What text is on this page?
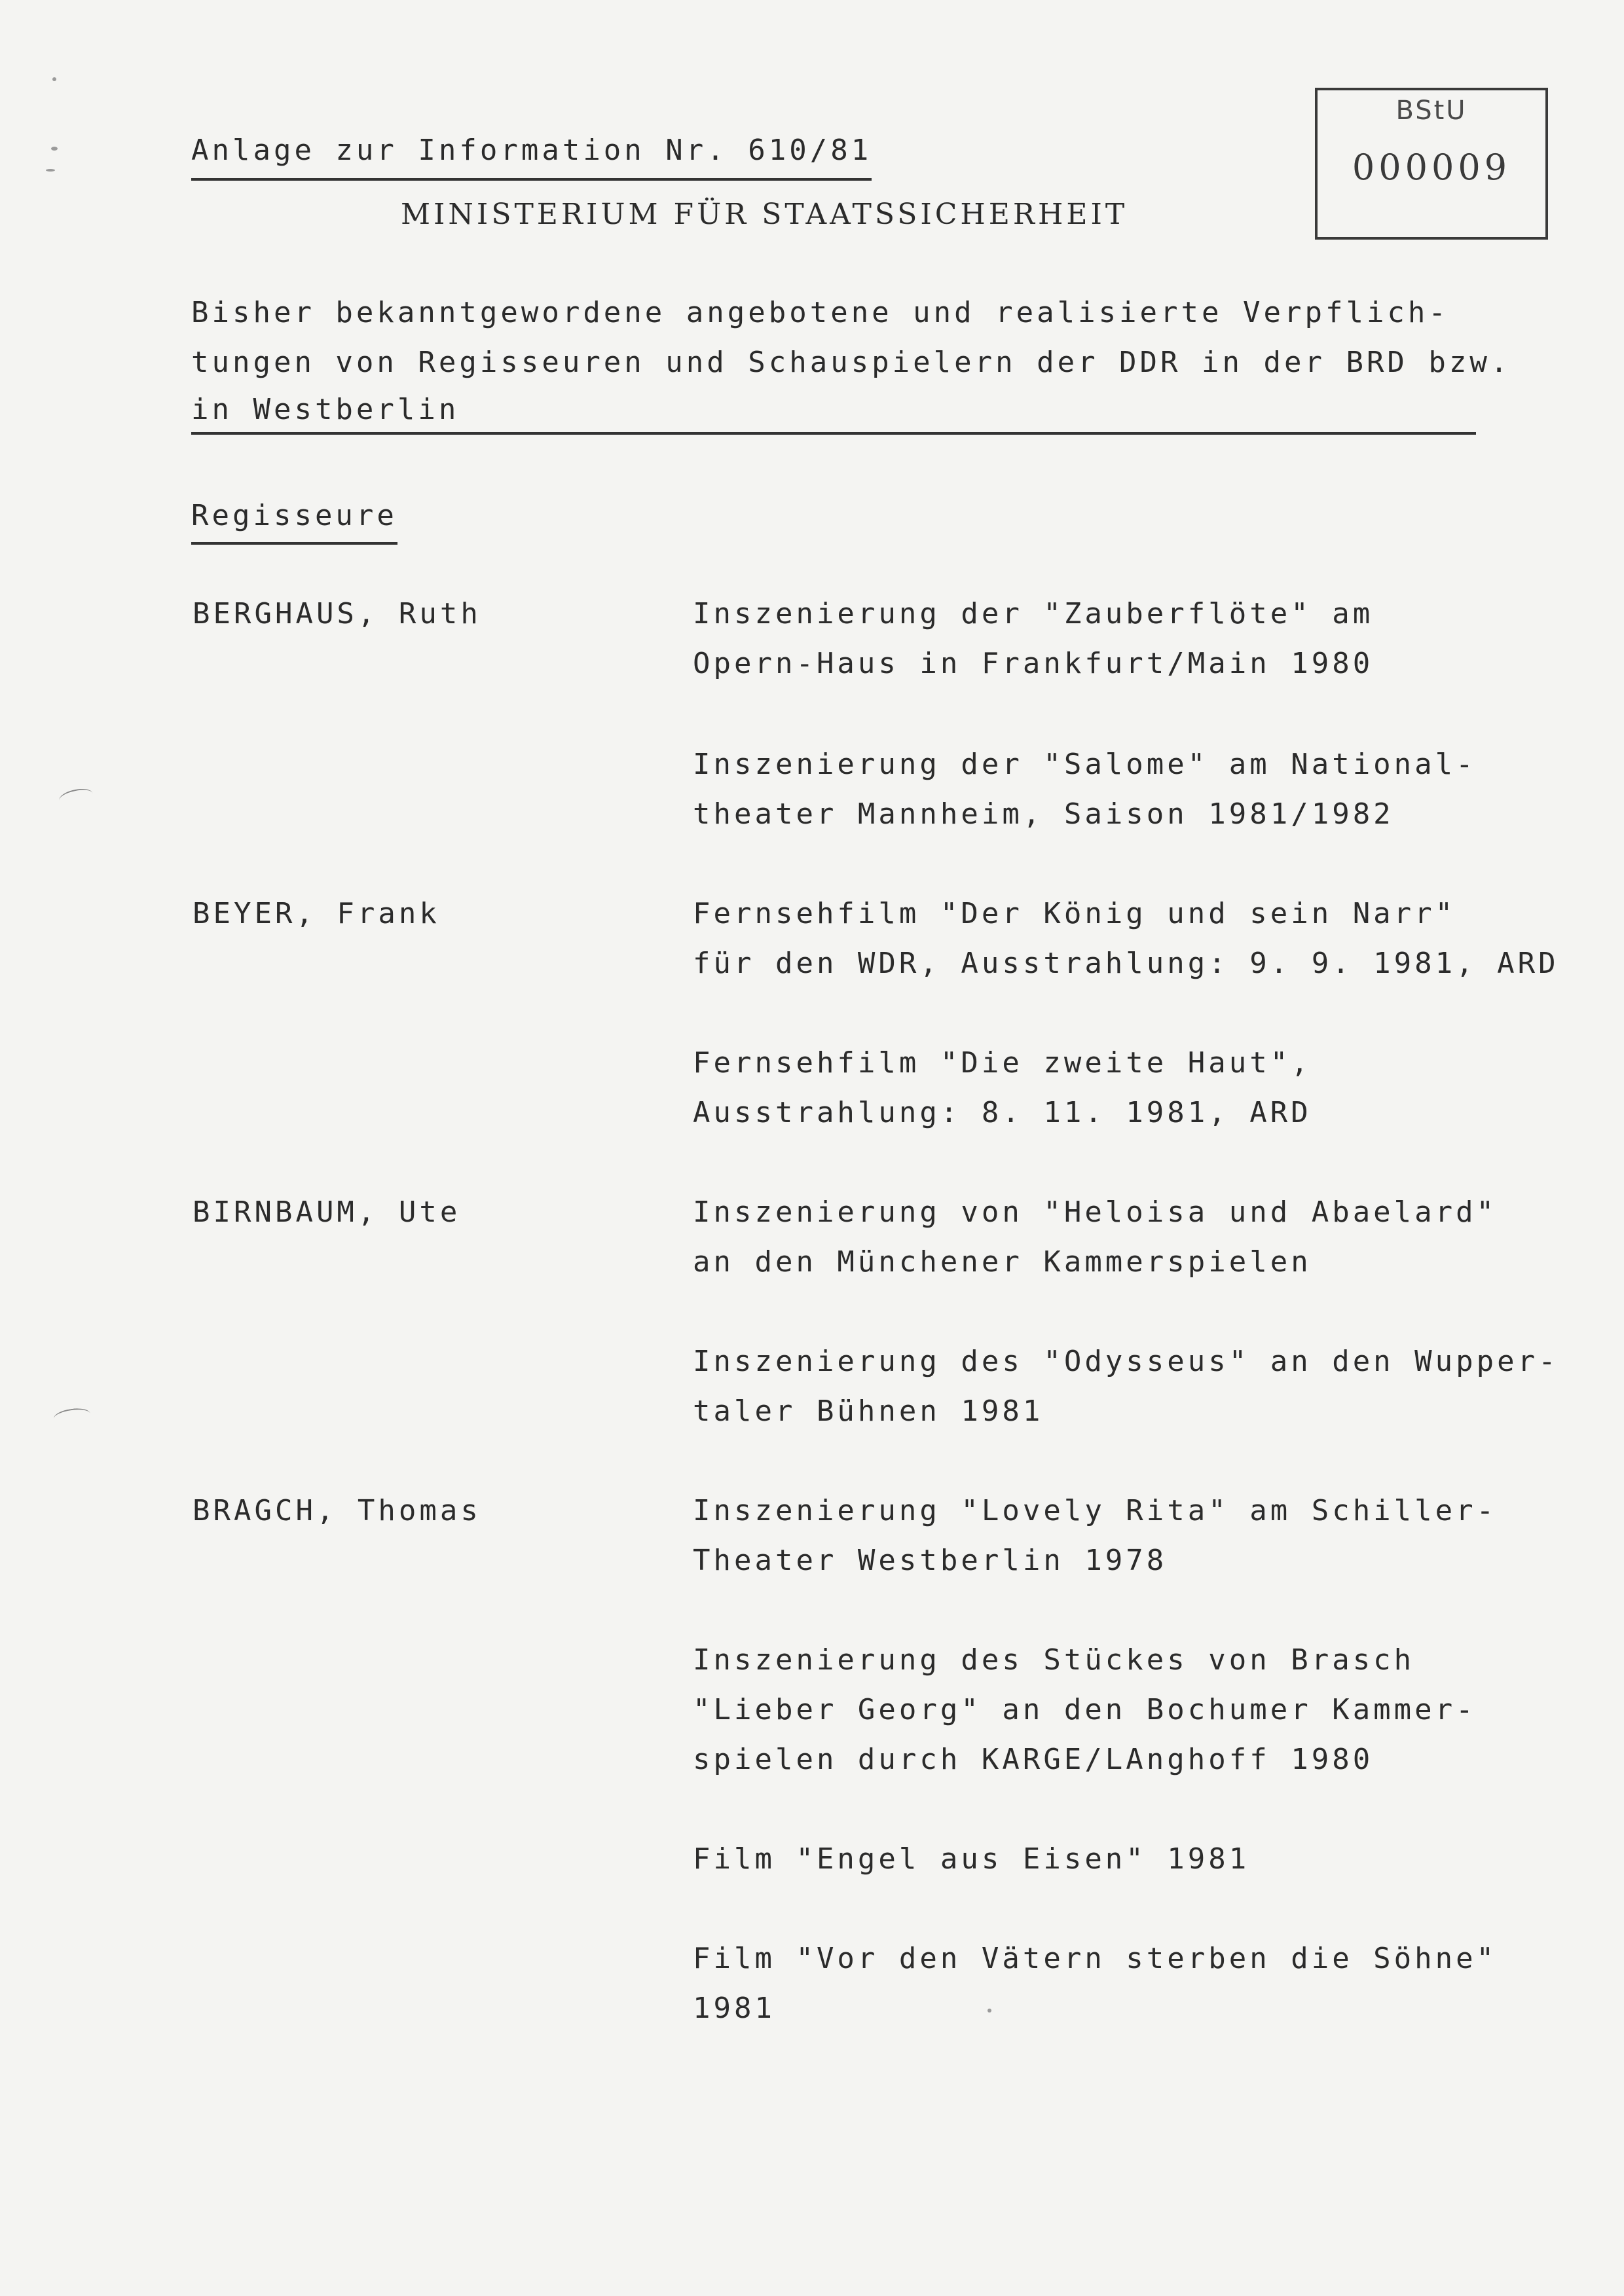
Anlage zur Information Nr. 610/81
MINISTERIUM FÜR STAATSSICHERHEIT
BStU
000009
Bisher bekanntgewordene angebotene und realisierte Verpflich-
tungen von Regisseuren und Schauspielern der DDR in der BRD bzw.
in Westberlin
Regisseure
BERGHAUS, Ruth	Inszenierung der "Zauberflöte" am
Opern-Haus in Frankfurt/Main 1980
Inszenierung der "Salome" am National-
theater Mannheim, Saison 1981/1982
BEYER, Frank	Fernsehfilm "Der König und sein Narr"
für den WDR, Ausstrahlung: 9. 9. 1981, ARD
Fernsehfilm "Die zweite Haut",
Ausstrahlung: 8. 11. 1981, ARD
BIRNBAUM, Ute	Inszenierung von "Heloisa und Abaelard"
an den Münchener Kammerspielen
Inszenierung des "Odysseus" an den Wupper-
taler Bühnen 1981
BRAGCH, Thomas	Inszenierung "Lovely Rita" am Schiller-
Theater Westberlin 1978
Inszenierung des Stückes von Brasch
"Lieber Georg" an den Bochumer Kammer-
spielen durch KARGE/LAnghoff 1980
Film "Engel aus Eisen" 1981
Film "Vor den Vätern sterben die Söhne"
1981
